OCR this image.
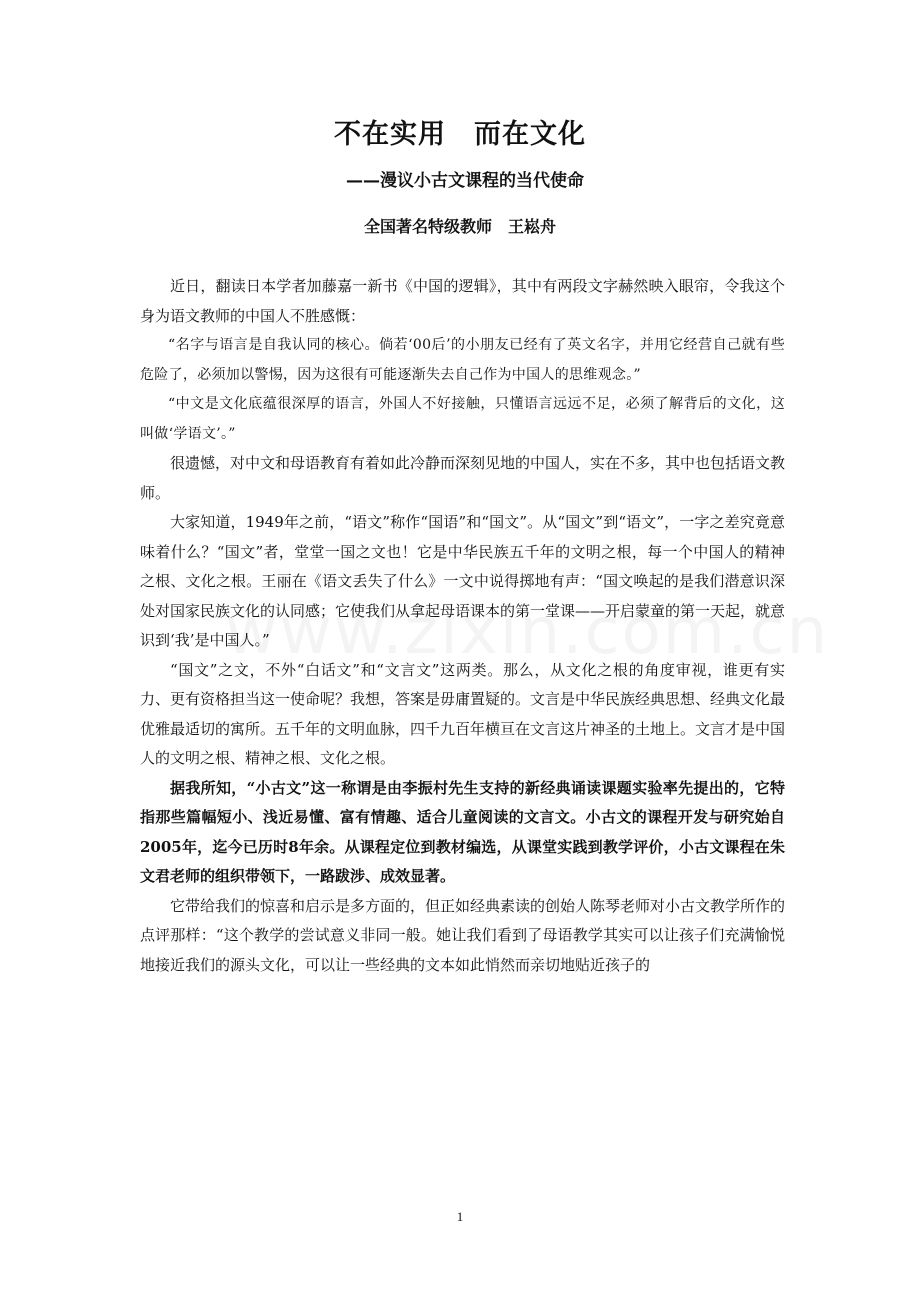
不在实用　而在文化
——漫议小古文课程的当代使命
全国著名特级教师　王崧舟

近日，翻读日本学者加藤嘉一新书《中国的逻辑》，其中有两段文字赫然映入眼帘，令我这个身为语文教师的中国人不胜感慨：

“名字与语言是自我认同的核心。倘若‘00后’的小朋友已经有了英文名字，并用它经营自己就有些危险了，必须加以警惕，因为这很有可能逐渐失去自己作为中国人的思维观念。”

“中文是文化底蕴很深厚的语言，外国人不好接触，只懂语言远远不足，必须了解背后的文化，这叫做‘学语文’。”

很遗憾，对中文和母语教育有着如此冷静而深刻见地的中国人，实在不多，其中也包括语文教师。

大家知道，1949年之前，“语文”称作“国语”和“国文”。从“国文”到“语文”，一字之差究竟意味着什么？“国文”者，堂堂一国之文也！它是中华民族五千年的文明之根，每一个中国人的精神之根、文化之根。王丽在《语文丢失了什么》一文中说得掷地有声：“国文唤起的是我们潜意识深处对国家民族文化的认同感；它使我们从拿起母语课本的第一堂课——开启蒙童的第一天起，就意识到‘我’是中国人。”

“国文”之文，不外“白话文”和“文言文”这两类。那么，从文化之根的角度审视，谁更有实力、更有资格担当这一使命呢？我想，答案是毋庸置疑的。文言是中华民族经典思想、经典文化最优雅最适切的寓所。五千年的文明血脉，四千九百年横亘在文言这片神圣的土地上。文言才是中国人的文明之根、精神之根、文化之根。

据我所知，“小古文”这一称谓是由李振村先生支持的新经典诵读课题实验率先提出的，它特指那些篇幅短小、浅近易懂、富有情趣、适合儿童阅读的文言文。小古文的课程开发与研究始自2005年，迄今已历时8年余。从课程定位到教材编选，从课堂实践到教学评价，小古文课程在朱文君老师的组织带领下，一路跋涉、成效显著。

它带给我们的惊喜和启示是多方面的，但正如经典素读的创始人陈琴老师对小古文教学所作的点评那样：“这个教学的尝试意义非同一般。她让我们看到了母语教学其实可以让孩子们充满愉悦地接近我们的源头文化，可以让一些经典的文本如此悄然而亲切地贴近孩子的

1
